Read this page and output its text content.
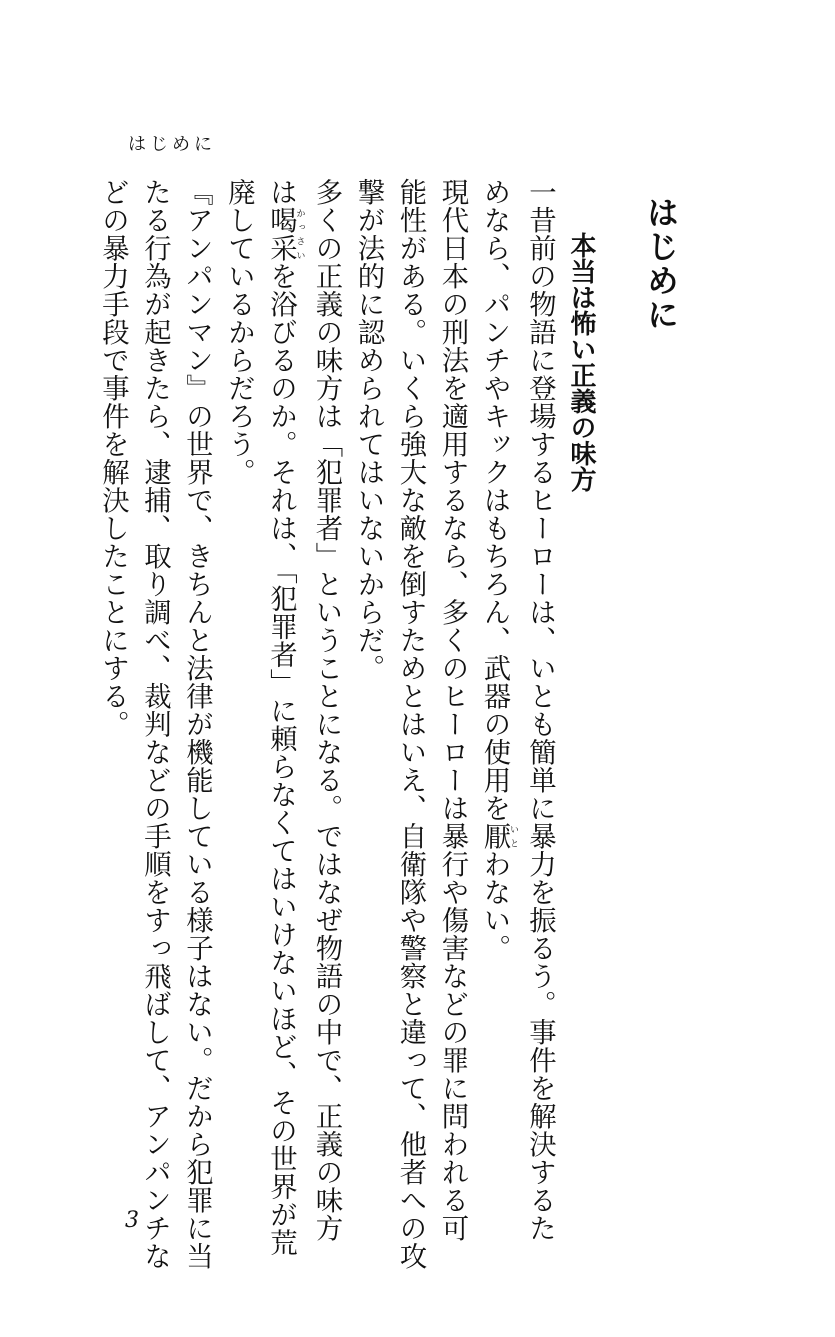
はじめに
はじめに
本当は怖い正義の味方
一昔前の物語に登場するヒーローは、いとも簡単に暴力を振るう。事件を解決するた
めなら、パンチやキックはもちろん、武器の使用を厭いとわない。
現代日本の刑法を適用するなら、多くのヒーローは暴行や傷害などの罪に問われる可
能性がある。いくら強大な敵を倒すためとはいえ、自衛隊や警察と違って、他者への攻
撃が法的に認められてはいないからだ。
多くの正義の味方は「犯罪者」ということになる。ではなぜ物語の中で、正義の味方
は喝采かっさいを浴びるのか。それは、「犯罪者」に頼らなくてはいけないほど、その世界が荒
廃しているからだろう。
『アンパンマン』の世界で、きちんと法律が機能している様子はない。だから犯罪に当
たる行為が起きたら、逮捕、取り調べ、裁判などの手順をすっ飛ばして、アンパンチな
どの暴力手段で事件を解決したことにする。
3
